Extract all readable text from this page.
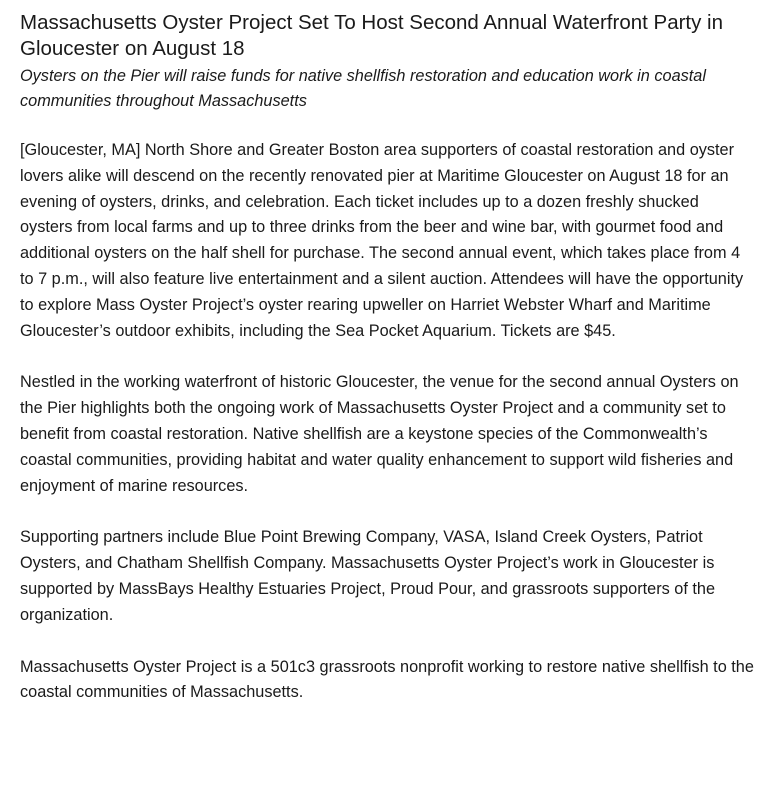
Massachusetts Oyster Project Set To Host Second Annual Waterfront Party in Gloucester on August 18

Oysters on the Pier will raise funds for native shellfish restoration and education work in coastal communities throughout Massachusetts

[Gloucester, MA] North Shore and Greater Boston area supporters of coastal restoration and oyster lovers alike will descend on the recently renovated pier at Maritime Gloucester on August 18 for an evening of oysters, drinks, and celebration. Each ticket includes up to a dozen freshly shucked oysters from local farms and up to three drinks from the beer and wine bar, with gourmet food and additional oysters on the half shell for purchase. The second annual event, which takes place from 4 to 7 p.m., will also feature live entertainment and a silent auction. Attendees will have the opportunity to explore Mass Oyster Project’s oyster rearing upweller on Harriet Webster Wharf and Maritime Gloucester’s outdoor exhibits, including the Sea Pocket Aquarium. Tickets are $45.

Nestled in the working waterfront of historic Gloucester, the venue for the second annual Oysters on the Pier highlights both the ongoing work of Massachusetts Oyster Project and a community set to benefit from coastal restoration. Native shellfish are a keystone species of the Commonwealth’s coastal communities, providing habitat and water quality enhancement to support wild fisheries and enjoyment of marine resources.

Supporting partners include Blue Point Brewing Company, VASA, Island Creek Oysters, Patriot Oysters, and Chatham Shellfish Company. Massachusetts Oyster Project’s work in Gloucester is supported by MassBays Healthy Estuaries Project, Proud Pour, and grassroots supporters of the organization.

Massachusetts Oyster Project is a 501c3 grassroots nonprofit working to restore native shellfish to the coastal communities of Massachusetts.
